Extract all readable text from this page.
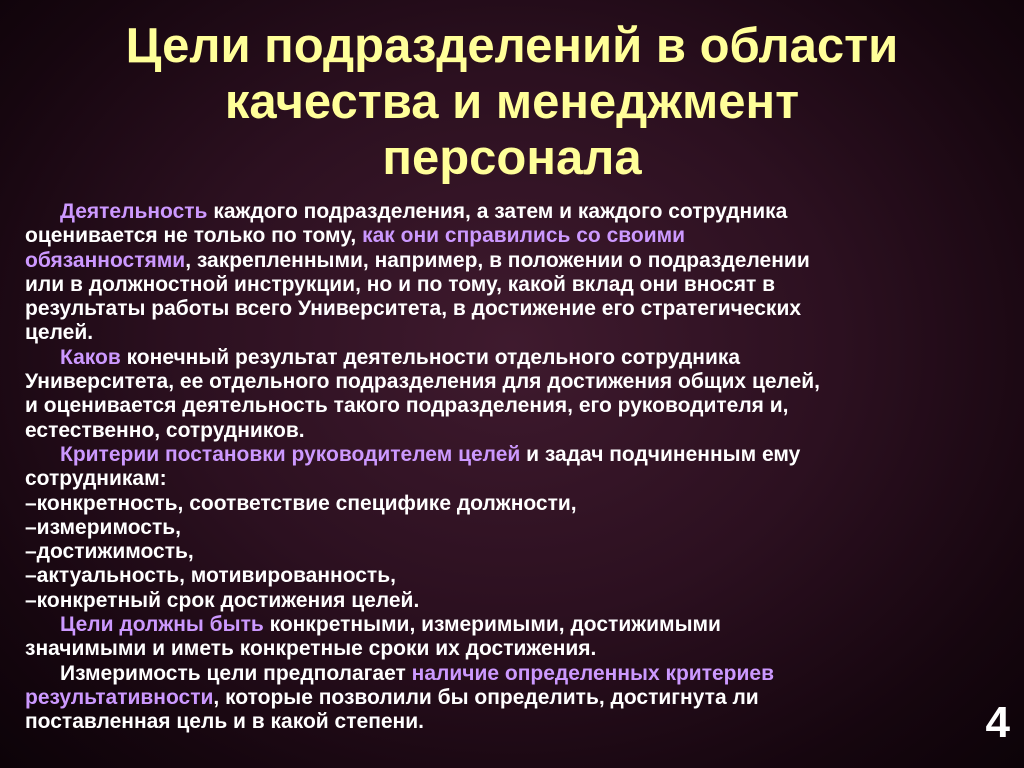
Цели подразделений в области
качества и менеджмент
персонала
Деятельность каждого подразделения, а затем и каждого сотрудника
оценивается не только по тому, как они справились со своими
обязанностями, закрепленными, например, в положении о подразделении
или в должностной инструкции, но и по тому, какой вклад они вносят в
результаты работы всего Университета, в достижение его стратегических
целей.
Каков конечный результат деятельности отдельного сотрудника
Университета, ее отдельного подразделения для достижения общих целей,
и оценивается деятельность такого подразделения, его руководителя и,
естественно, сотрудников.
Критерии постановки руководителем целей и задач подчиненным ему
сотрудникам:
–конкретность, соответствие специфике должности,
–измеримость,
–достижимость,
–актуальность, мотивированность,
–конкретный срок достижения целей.
Цели должны быть конкретными, измеримыми, достижимыми
значимыми и иметь конкретные сроки их достижения.
Измеримость цели предполагает наличие определенных критериев
результативности, которые позволили бы определить, достигнута ли
поставленная цель и в какой степени.	4
